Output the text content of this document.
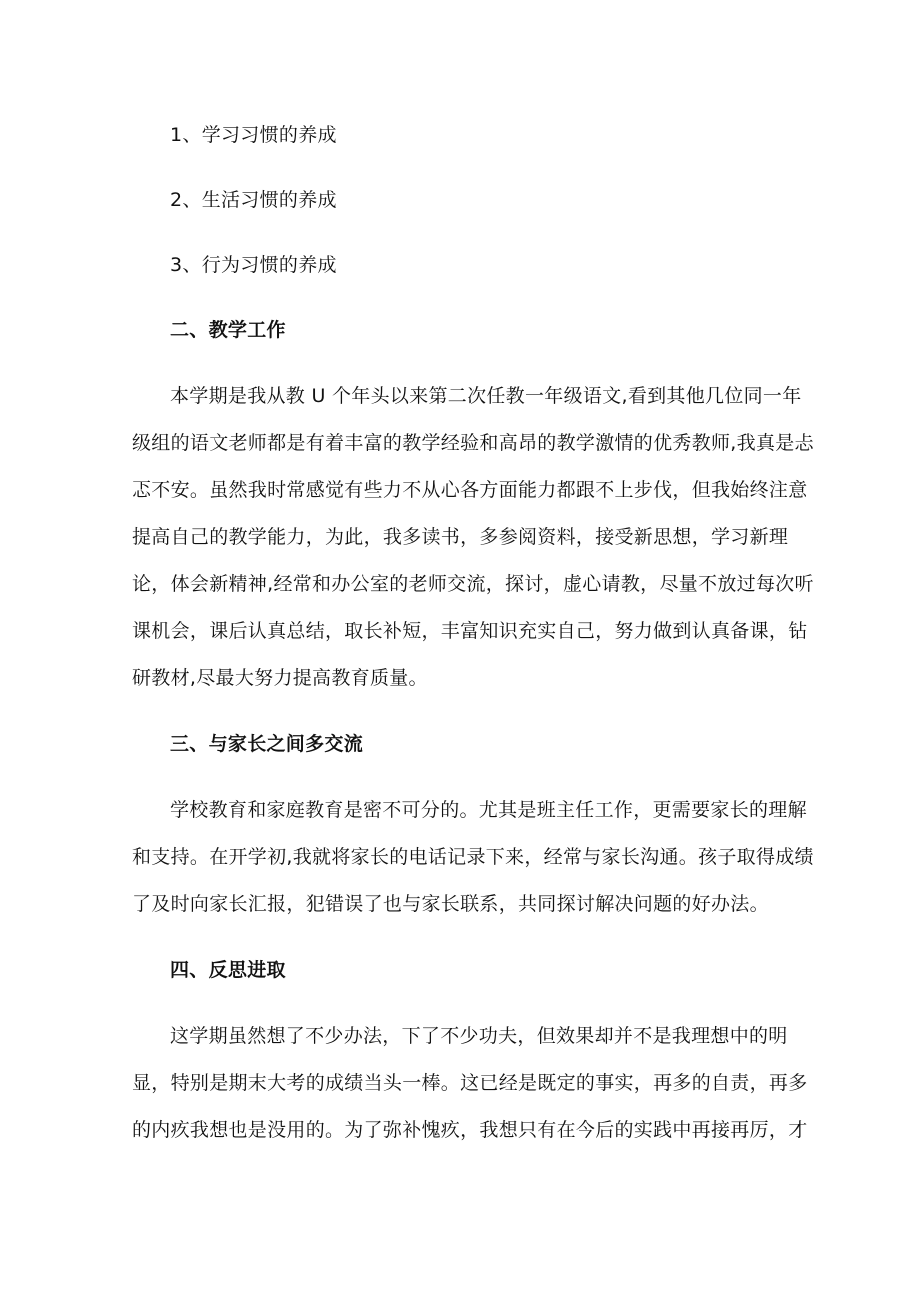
1、学习习惯的养成
2、生活习惯的养成
3、行为习惯的养成
二、教学工作
本学期是我从教 U 个年头以来第二次任教一年级语文,看到其他几位同一年
级组的语文老师都是有着丰富的教学经验和高昂的教学激情的优秀教师,我真是忐
忑不安。虽然我时常感觉有些力不从心各方面能力都跟不上步伐，但我始终注意
提高自己的教学能力，为此，我多读书，多参阅资料，接受新思想，学习新理
论，体会新精神,经常和办公室的老师交流，探讨，虚心请教，尽量不放过每次听
课机会，课后认真总结，取长补短，丰富知识充实自己，努力做到认真备课，钻
研教材,尽最大努力提高教育质量。
三、与家长之间多交流
学校教育和家庭教育是密不可分的。尤其是班主任工作，更需要家长的理解
和支持。在开学初,我就将家长的电话记录下来，经常与家长沟通。孩子取得成绩
了及时向家长汇报，犯错误了也与家长联系，共同探讨解决问题的好办法。
四、反思进取
这学期虽然想了不少办法，下了不少功夫，但效果却并不是我理想中的明
显，特别是期末大考的成绩当头一棒。这已经是既定的事实，再多的自责，再多
的内疚我想也是没用的。为了弥补愧疚，我想只有在今后的实践中再接再厉，才
